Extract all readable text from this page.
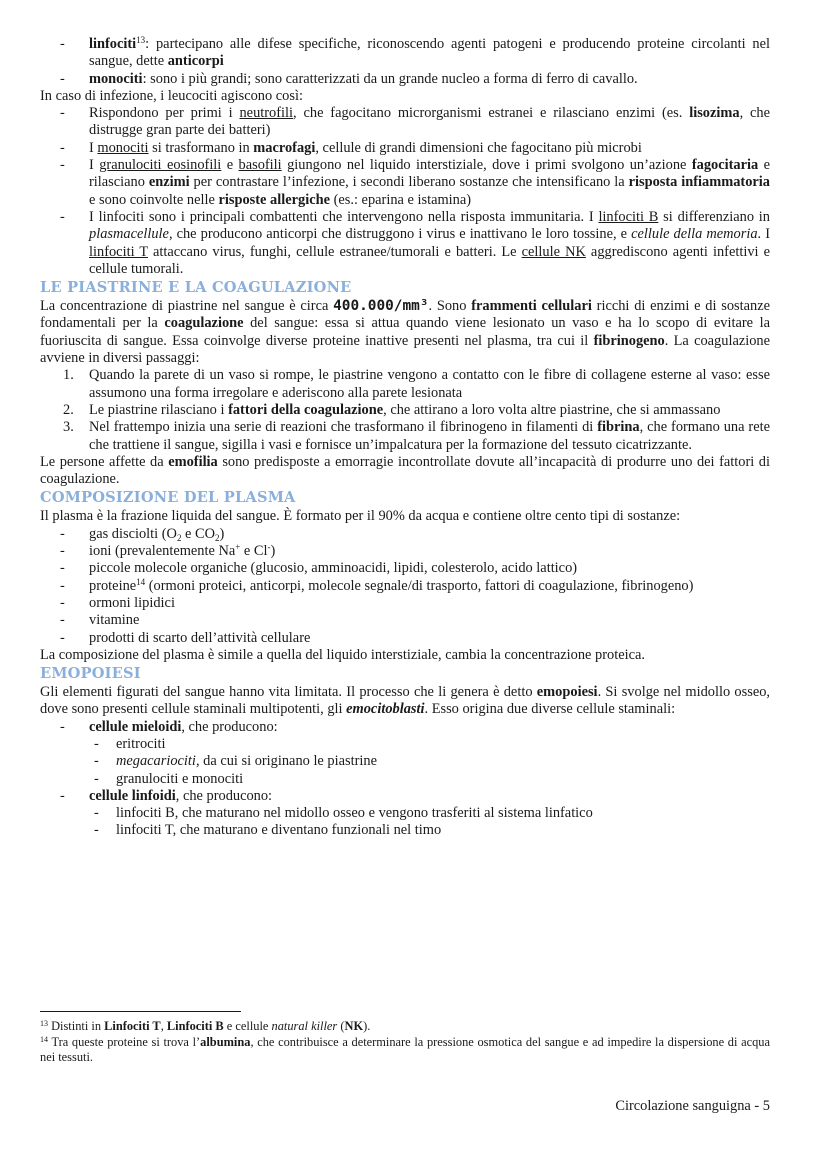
- linfociti$^{13}$: partecipano alle difese specifiche, riconoscendo agenti patogeni e producendo proteine circolanti nel sangue, dette anticorpi
- monociti: sono i più grandi; sono caratterizzati da un grande nucleo a forma di ferro di cavallo.

In caso di infezione, i leucociti agiscono così:

- Rispondono per primi i neutrofili, che fagocitano microrganismi estranei e rilasciano enzimi (es. lisozima, che distrugge gran parte dei batteri)
- I monociti si trasformano in macrofagi, cellule di grandi dimensioni che fagocitano più microbi
- I granulociti eosinofili e basofili giungono nel liquido interstiziale, dove i primi svolgono un’azione fagocitaria e rilasciano enzimi per contrastare l’infezione, i secondi liberano sostanze che intensificano la risposta infiammatoria e sono coinvolte nelle risposte allergiche (es.: eparina e istamina)
- I linfociti sono i principali combattenti che intervengono nella risposta immunitaria. I linfociti B si differenziano in plasmacellule, che producono anticorpi che distruggono i virus e inattivano le loro tossine, e cellule della memoria. I linfociti T attaccano virus, funghi, cellule estranee/tumorali e batteri. Le cellule NK aggrediscono agenti infettivi e cellule tumorali.
LE PIASTRINE E LA COAGULAZIONE

La concentrazione di piastrine nel sangue è circa 400.000/mm³. Sono frammenti cellulari ricchi di enzimi e di sostanze fondamentali per la coagulazione del sangue: essa si attua quando viene lesionato un vaso e ha lo scopo di evitare la fuoriuscita di sangue. Essa coinvolge diverse proteine inattive presenti nel plasma, tra cui il fibrinogeno. La coagulazione avviene in diversi passaggi:

1. Quando la parete di un vaso si rompe, le piastrine vengono a contatto con le fibre di collagene esterne al vaso: esse assumono una forma irregolare e aderiscono alla parete lesionata
2. Le piastrine rilasciano i fattori della coagulazione, che attirano a loro volta altre piastrine, che si ammassano
3. Nel frattempo inizia una serie di reazioni che trasformano il fibrinogeno in filamenti di fibrina, che formano una rete che trattiene il sangue, sigilla i vasi e fornisce un’impalcatura per la formazione del tessuto cicatrizzante.

Le persone affette da emofilia sono predisposte a emorragie incontrollate dovute all’incapacità di produrre uno dei fattori di coagulazione.

COMPOSIZIONE DEL PLASMA

Il plasma è la frazione liquida del sangue. È formato per il 90% da acqua e contiene oltre cento tipi di sostanze:

- gas disciolti ($O_2$ e $CO_2$)
- ioni (prevalentemente Na+ e Cl-)
- piccole molecole organiche (glucosio, amminoacidi, lipidi, colesterolo, acido lattico)
- proteine$^{14}$ (ormoni proteici, anticorpi, molecole segnale/di trasporto, fattori di coagulazione, fibrinogeno)
- ormoni lipidici
- vitamine
- prodotti di scarto dell’attività cellulare

La composizione del plasma è simile a quella del liquido interstiziale, cambia la concentrazione proteica.

EMOPOIESI

Gli elementi figurati del sangue hanno vita limitata. Il processo che li genera è detto emopoiesi. Si svolge nel midollo osseo, dove sono presenti cellule staminali multipotenti, gli emocitoblasti. Esso origina due diverse cellule staminali:

- cellule mieloidi, che producono:
- eritrociti
- megacariociti, da cui si originano le piastrine
- granulociti e monociti
- cellule linfoidi, che producono:
- linfociti B, che maturano nel midollo osseo e vengono trasferiti al sistema linfatico
- linfociti T, che maturano e diventano funzionali nel timo

$^{13}$ Distinti in Linfociti T, Linfociti B e cellule natural killer (NK).

$^{14}$ Tra queste proteine si trova l’albumina, che contribuisce a determinare la pressione osmotica del sangue e ad impedire la dispersione di acqua nei tessuti.

Circolazione sanguigna - 5
